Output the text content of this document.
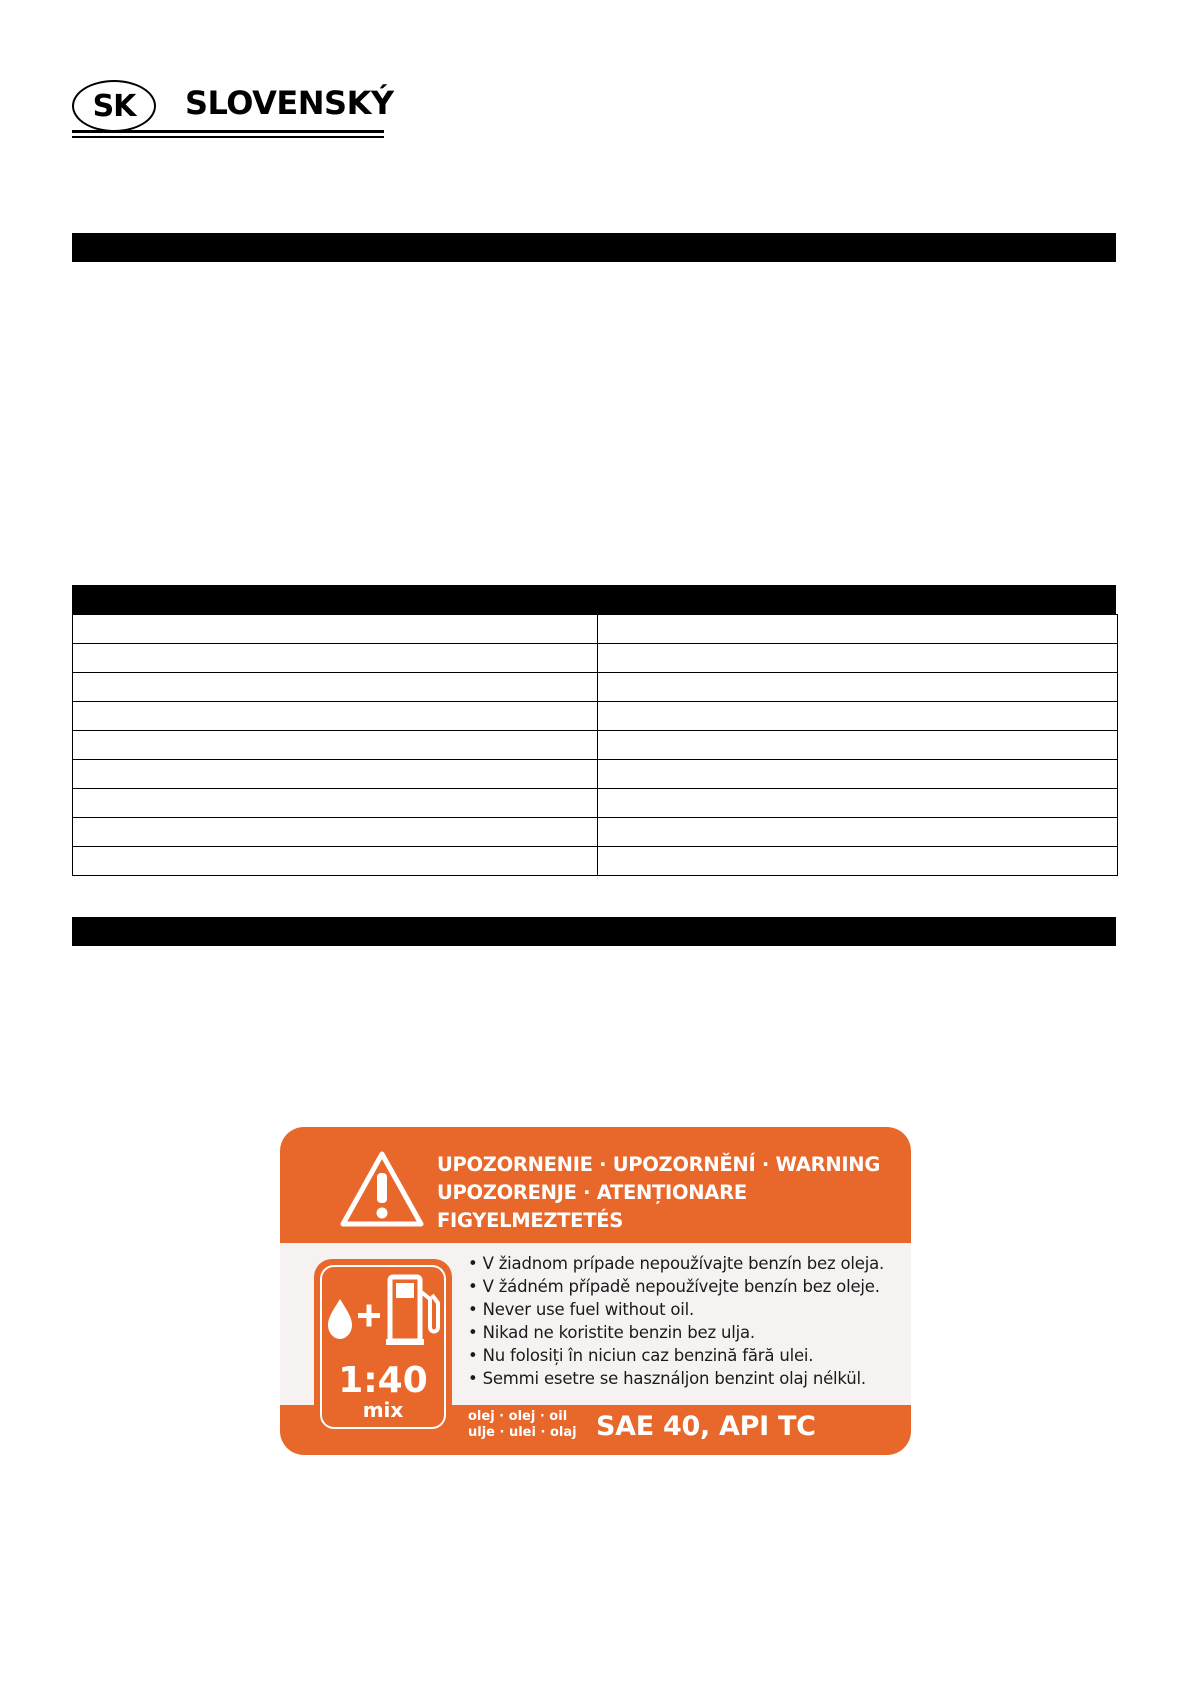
SK SLOVENSKÝ

UPOZORNENIE · UPOZORNĚNÍ · WARNING
UPOZORENJE · ATENȚIONARE
FIGYELMEZTETÉS
1:40
mix
• V žiadnom prípade nepoužívajte benzín bez oleja.
• V žádném případě nepoužívejte benzín bez oleje.
• Never use fuel without oil.
• Nikad ne koristite benzin bez ulja.
• Nu folosiți în niciun caz benzină fără ulei.
• Semmi esetre se használjon benzint olaj nélkül.
olej · olej · oil
ulje · ulei · olaj SAE 40, API TC
